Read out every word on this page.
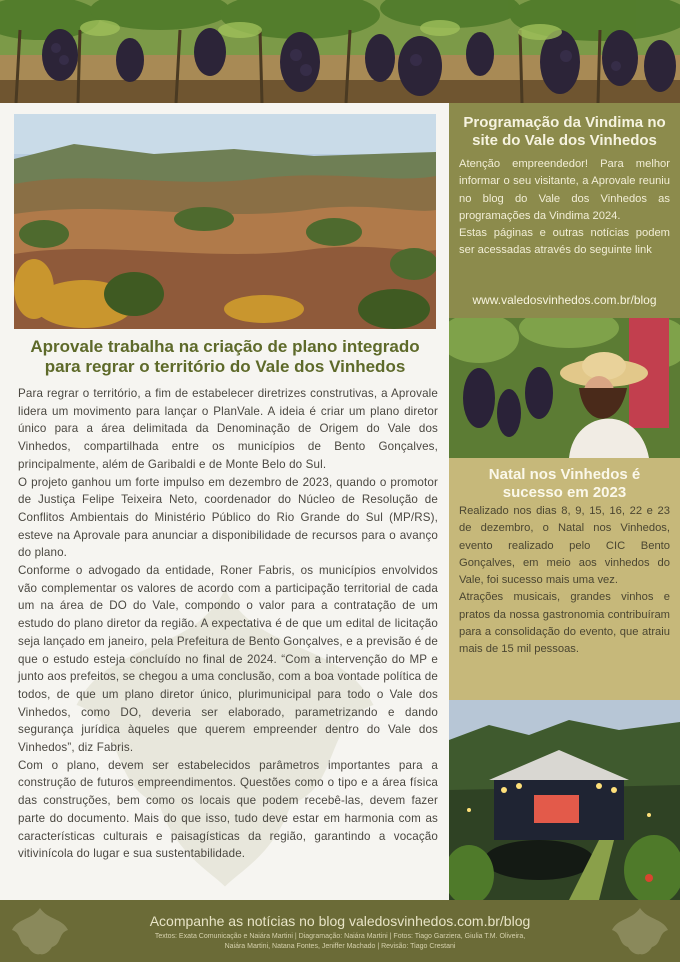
Aprovale trabalha na criação de plano integrado para regrar o território do Vale dos Vinhedos

Para regrar o território, a fim de estabelecer diretrizes construtivas, a Aprovale lidera um movimento para lançar o PlanVale. A ideia é criar um plano diretor único para a área delimitada da Denominação de Origem do Vale dos Vinhedos, compartilhada entre os municípios de Bento Gonçalves, principalmente, além de Garibaldi e de Monte Belo do Sul.

O projeto ganhou um forte impulso em dezembro de 2023, quando o promotor de Justiça Felipe Teixeira Neto, coordenador do Núcleo de Resolução de Conflitos Ambientais do Ministério Público do Rio Grande do Sul (MP/RS), esteve na Aprovale para anunciar a disponibilidade de recursos para o avanço do plano.

Conforme o advogado da entidade, Roner Fabris, os municípios envolvidos vão complementar os valores de acordo com a participação territorial de cada um na área de DO do Vale, compondo o valor para a contratação de um estudo do plano diretor da região. A expectativa é de que um edital de licitação seja lançado em janeiro, pela Prefeitura de Bento Gonçalves, e a previsão é de que o estudo esteja concluído no final de 2024. “Com a intervenção do MP e junto aos prefeitos, se chegou a uma conclusão, com a boa vontade política de todos, de que um plano diretor único, plurimunicipal para todo o Vale dos Vinhedos, como DO, deveria ser elaborado, parametrizando e dando segurança jurídica àqueles que querem empreender dentro do Vale dos Vinhedos”, diz Fabris.

Com o plano, devem ser estabelecidos parâmetros importantes para a construção de futuros empreendimentos. Questões como o tipo e a área física das construções, bem como os locais que podem recebê-las, devem fazer parte do documento. Mais do que isso, tudo deve estar em harmonia com as características culturais e paisagísticas da região, garantindo a vocação vitivinícola do lugar e sua sustentabilidade.

Programação da Vindima no site do Vale dos Vinhedos

Atenção empreendedor! Para melhor informar o seu visitante, a Aprovale reuniu no blog do Vale dos Vinhedos as programações da Vindima 2024.

Estas páginas e outras notícias podem ser acessadas através do seguinte link

www.valedosvinhedos.com.br/blog
Natal nos Vinhedos é sucesso em 2023

Realizado nos dias 8, 9, 15, 16, 22 e 23 de dezembro, o Natal nos Vinhedos, evento realizado pelo CIC Bento Gonçalves, em meio aos vinhedos do Vale, foi sucesso mais uma vez.

Atrações musicais, grandes vinhos e pratos da nossa gastronomia contribuíram para a consolidação do evento, que atraiu mais de 15 mil pessoas.

Acompanhe as notícias no blog valedosvinhedos.com.br/blog
Textos: Exata Comunicação e Naiára Martini | Diagramação: Naiára Martini | Fotos: Tiago Garziera, Giulia T.M. Oliveira, Naiára Martini, Natana Fontes, Jeniffer Machado | Revisão: Tiago Crestani
